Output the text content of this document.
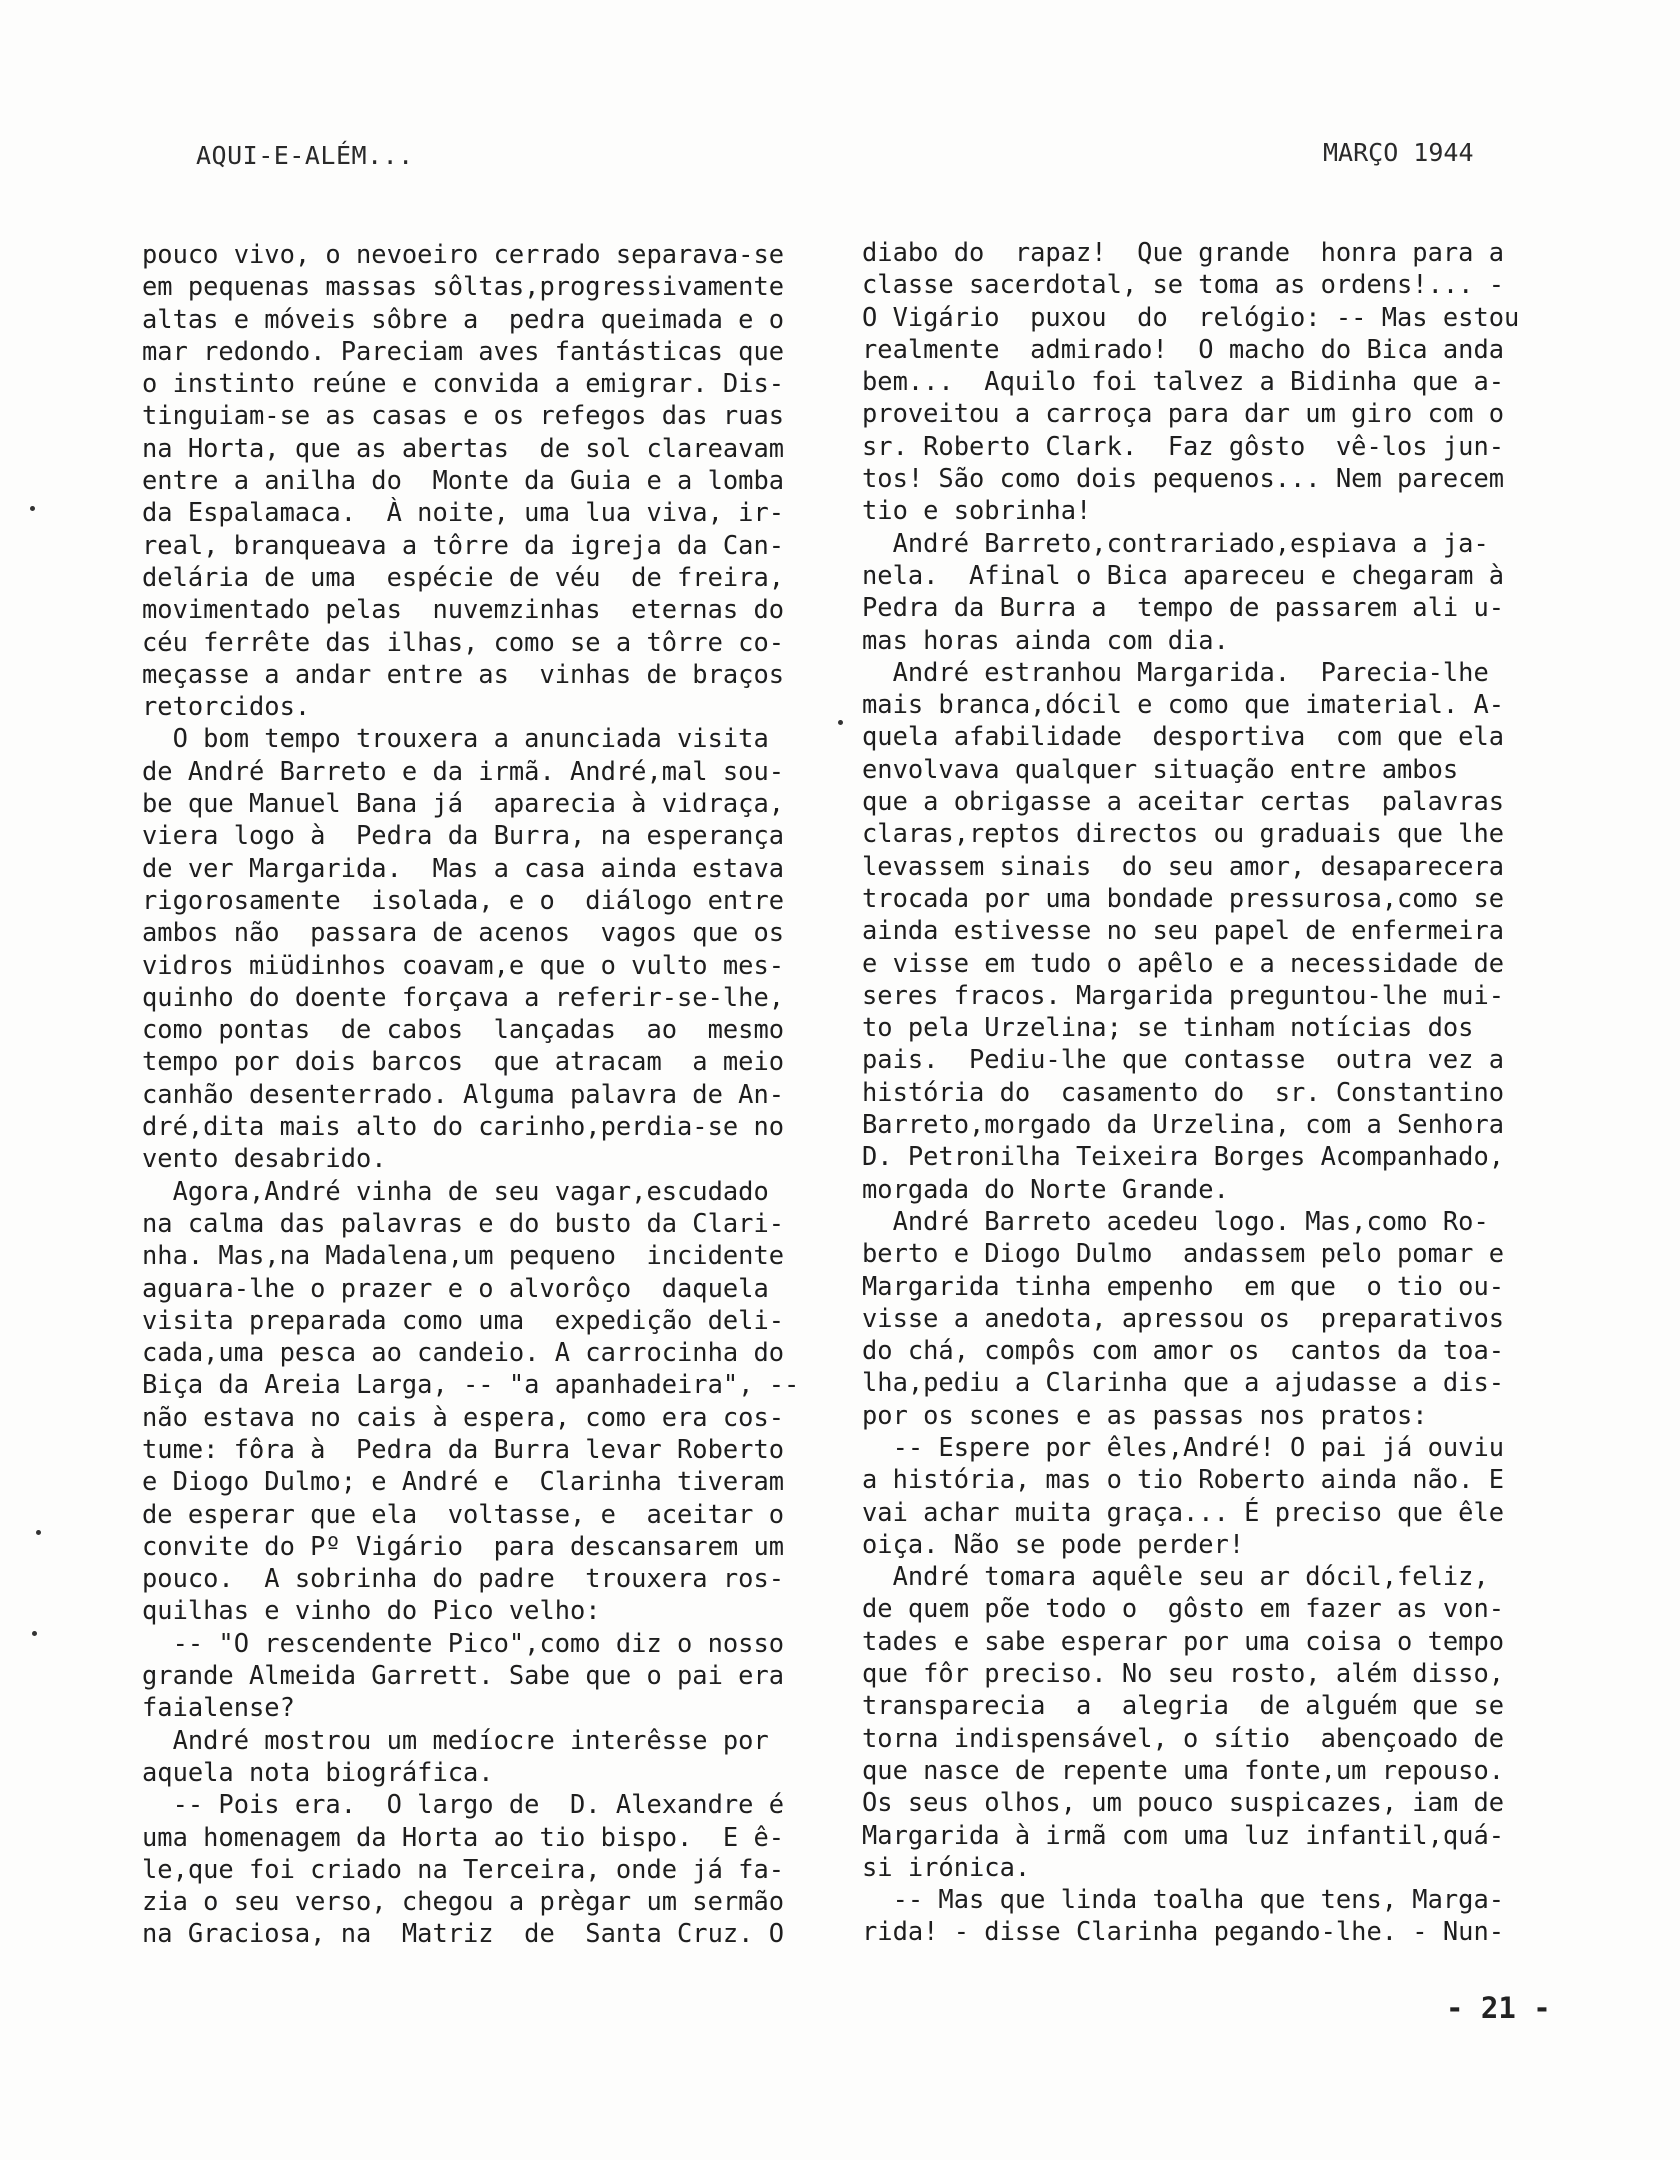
AQUI-E-ALÉM...	MARÇO 1944
pouco vivo, o nevoeiro cerrado separava-se
em pequenas massas sôltas,progressivamente
altas e móveis sôbre a  pedra queimada e o
mar redondo. Pareciam aves fantásticas que
o instinto reúne e convida a emigrar. Dis-
tinguiam-se as casas e os refegos das ruas
na Horta, que as abertas  de sol clareavam
entre a anilha do  Monte da Guia e a lomba
da Espalamaca.  À noite, uma lua viva, ir-
real, branqueava a tôrre da igreja da Can-
delária de uma  espécie de véu  de freira,
movimentado pelas  nuvemzinhas  eternas do
céu ferrête das ilhas, como se a tôrre co-
meçasse a andar entre as  vinhas de braços
retorcidos.
O bom tempo trouxera a anunciada visita
de André Barreto e da irmã. André,mal sou-
be que Manuel Bana já  aparecia à vidraça,
viera logo à  Pedra da Burra, na esperança
de ver Margarida.  Mas a casa ainda estava
rigorosamente  isolada, e o  diálogo entre
ambos não  passara de acenos  vagos que os
vidros miüdinhos coavam,e que o vulto mes-
quinho do doente forçava a referir-se-lhe,
como pontas  de cabos  lançadas  ao  mesmo
tempo por dois barcos  que atracam  a meio
canhão desenterrado. Alguma palavra de An-
dré,dita mais alto do carinho,perdia-se no
vento desabrido.
Agora,André vinha de seu vagar,escudado
na calma das palavras e do busto da Clari-
nha. Mas,na Madalena,um pequeno  incidente
aguara-lhe o prazer e o alvorôço  daquela
visita preparada como uma  expedição deli-
cada,uma pesca ao candeio. A carrocinha do
Biça da Areia Larga, -- "a apanhadeira", --
não estava no cais à espera, como era cos-
tume: fôra à  Pedra da Burra levar Roberto
e Diogo Dulmo; e André e  Clarinha tiveram
de esperar que ela  voltasse, e  aceitar o
convite do Pº Vigário  para descansarem um
pouco.  A sobrinha do padre  trouxera ros-
quilhas e vinho do Pico velho:
-- "O rescendente Pico",como diz o nosso
grande Almeida Garrett. Sabe que o pai era
faialense?
André mostrou um medíocre interêsse por
aquela nota biográfica.
-- Pois era.  O largo de  D. Alexandre é
uma homenagem da Horta ao tio bispo.  E ê-
le,que foi criado na Terceira, onde já fa-
zia o seu verso, chegou a prègar um sermão
na Graciosa, na  Matriz  de  Santa Cruz. O
diabo do  rapaz!  Que grande  honra para a
classe sacerdotal, se toma as ordens!... -
O Vigário  puxou  do  relógio: -- Mas estou
realmente  admirado!  O macho do Bica anda
bem...  Aquilo foi talvez a Bidinha que a-
proveitou a carroça para dar um giro com o
sr. Roberto Clark.  Faz gôsto  vê-los jun-
tos! São como dois pequenos... Nem parecem
tio e sobrinha!
André Barreto,contrariado,espiava a ja-
nela.  Afinal o Bica apareceu e chegaram à
Pedra da Burra a  tempo de passarem ali u-
mas horas ainda com dia.
André estranhou Margarida.  Parecia-lhe
mais branca,dócil e como que imaterial. A-
quela afabilidade  desportiva  com que ela
envolvava qualquer situação entre ambos
que a obrigasse a aceitar certas  palavras
claras,reptos directos ou graduais que lhe
levassem sinais  do seu amor, desaparecera
trocada por uma bondade pressurosa,como se
ainda estivesse no seu papel de enfermeira
e visse em tudo o apêlo e a necessidade de
seres fracos. Margarida preguntou-lhe mui-
to pela Urzelina; se tinham notícias dos
pais.  Pediu-lhe que contasse  outra vez a
história do  casamento do  sr. Constantino
Barreto,morgado da Urzelina, com a Senhora
D. Petronilha Teixeira Borges Acompanhado,
morgada do Norte Grande.
André Barreto acedeu logo. Mas,como Ro-
berto e Diogo Dulmo  andassem pelo pomar e
Margarida tinha empenho  em que  o tio ou-
visse a anedota, apressou os  preparativos
do chá, compôs com amor os  cantos da toa-
lha,pediu a Clarinha que a ajudasse a dis-
por os scones e as passas nos pratos:
-- Espere por êles,André! O pai já ouviu
a história, mas o tio Roberto ainda não. E
vai achar muita graça... É preciso que êle
oiça. Não se pode perder!
André tomara aquêle seu ar dócil,feliz,
de quem põe todo o  gôsto em fazer as von-
tades e sabe esperar por uma coisa o tempo
que fôr preciso. No seu rosto, além disso,
transparecia  a  alegria  de alguém que se
torna indispensável, o sítio  abençoado de
que nasce de repente uma fonte,um repouso.
Os seus olhos, um pouco suspicazes, iam de
Margarida à irmã com uma luz infantil,quá-
si irónica.
-- Mas que linda toalha que tens, Marga-
rida! - disse Clarinha pegando-lhe. - Nun-
- 21 -
